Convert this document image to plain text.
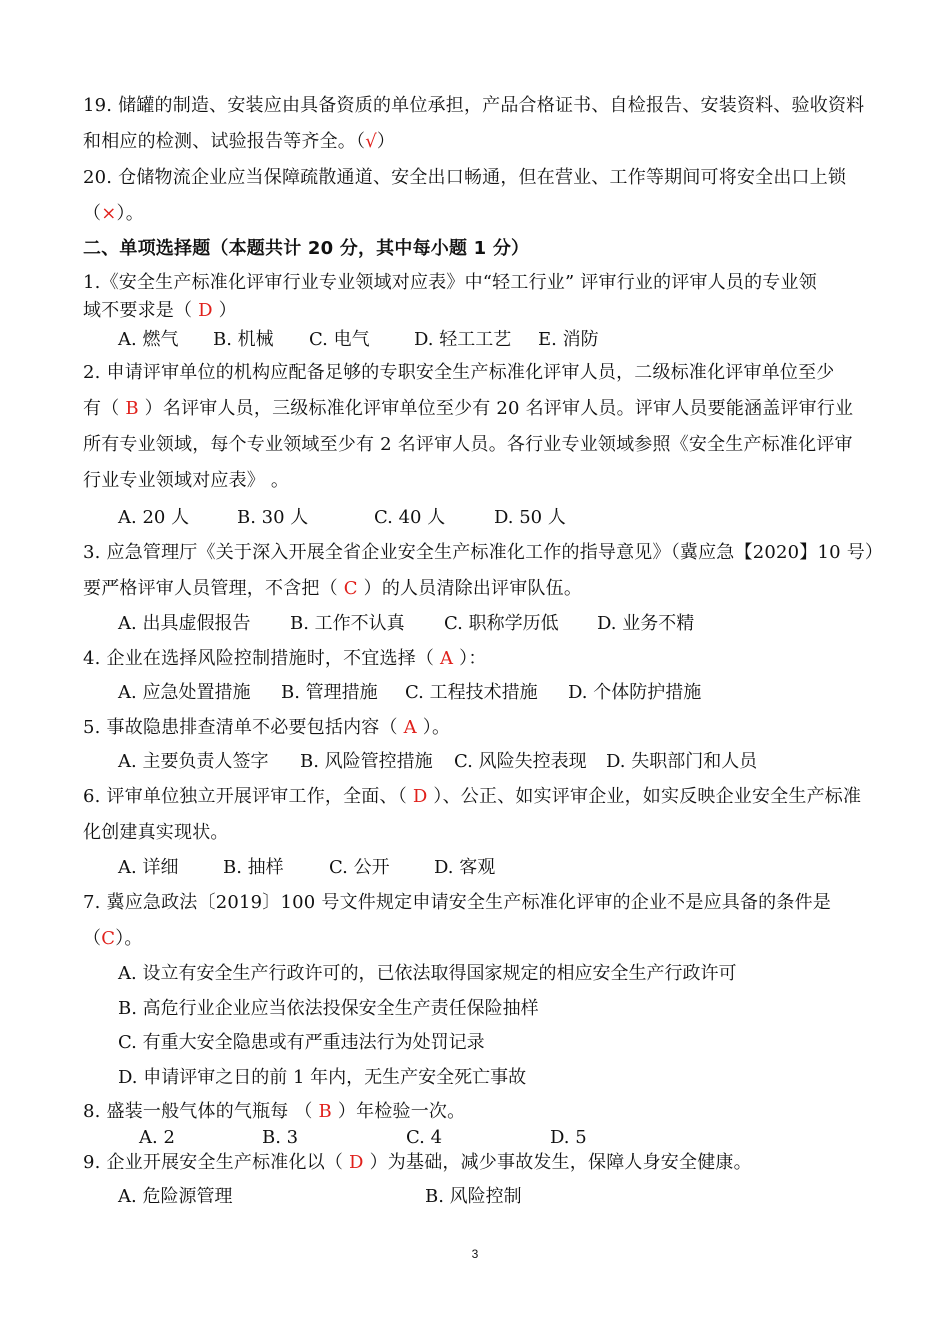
19. 储罐的制造、安装应由具备资质的单位承担，产品合格证书、自检报告、安装资料、验收资料
和相应的检测、试验报告等齐全。（√）
20. 仓储物流企业应当保障疏散通道、安全出口畅通，但在营业、工作等期间可将安全出口上锁
（×）。
二、单项选择题（本题共计 20 分，其中每小题 1 分）
1.《安全生产标准化评审行业专业领域对应表》中“轻工行业” 评审行业的评审人员的专业领
域不要求是（ D ）
A. 燃气 B. 机械 C. 电气 D. 轻工工艺 E. 消防
2. 申请评审单位的机构应配备足够的专职安全生产标准化评审人员，二级标准化评审单位至少
有（ B ）名评审人员，三级标准化评审单位至少有 20 名评审人员。评审人员要能涵盖评审行业
所有专业领域，每个专业领域至少有 2 名评审人员。各行业专业领域参照《安全生产标准化评审
行业专业领域对应表》 。
A. 20 人	B. 30 人	C. 40 人	D. 50 人
3. 应急管理厅《关于深入开展全省企业安全生产标准化工作的指导意见》（冀应急【2020】10 号）
要严格评审人员管理，不含把（ C ）的人员清除出评审队伍。
A. 出具虚假报告 B. 工作不认真 C. 职称学历低 D. 业务不精
4. 企业在选择风险控制措施时，不宜选择（ A ）：
A. 应急处置措施 B. 管理措施 C. 工程技术措施 D. 个体防护措施
5. 事故隐患排查清单不必要包括内容（ A ）。
A. 主要负责人签字 B. 风险管控措施 C. 风险失控表现 D. 失职部门和人员
6. 评审单位独立开展评审工作，全面、（ D ）、公正、如实评审企业，如实反映企业安全生产标准
化创建真实现状。
A. 详细 B. 抽样	C. 公开 D. 客观
7. 冀应急政法〔2019〕100 号文件规定申请安全生产标准化评审的企业不是应具备的条件是
（C）。
A. 设立有安全生产行政许可的，已依法取得国家规定的相应安全生产行政许可
B. 高危行业企业应当依法投保安全生产责任保险抽样
C. 有重大安全隐患或有严重违法行为处罚记录
D. 申请评审之日的前 1 年内，无生产安全死亡事故
8. 盛装一般气体的气瓶每 （ B ）年检验一次。
A. 2	B. 3	C. 4	D. 5
9. 企业开展安全生产标准化以（ D ）为基础，减少事故发生，保障人身安全健康。
A. 危险源管理	B. 风险控制
3
